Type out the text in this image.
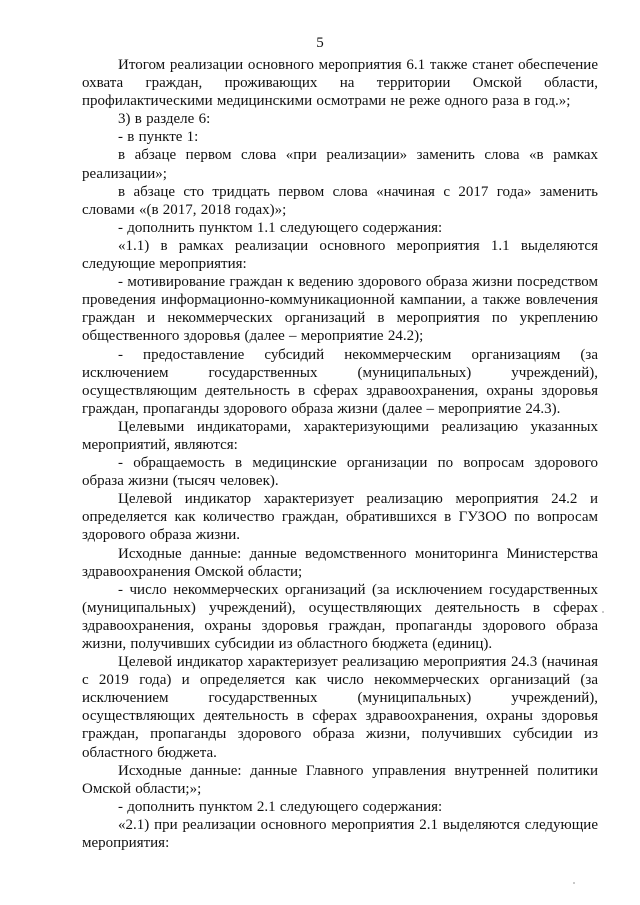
5

Итогом реализации основного мероприятия 6.1 также станет обеспечение охвата граждан, проживающих на территории Омской области, профилактическими медицинскими осмотрами не реже одного раза в год.»;

3) в разделе 6:

- в пункте 1:

в абзаце первом слова «при реализации» заменить слова «в рамках реализации»;

в абзаце сто тридцать первом слова «начиная с 2017 года» заменить словами «(в 2017, 2018 годах)»;

- дополнить пунктом 1.1 следующего содержания:

«1.1) в рамках реализации основного мероприятия 1.1 выделяются следующие мероприятия:

- мотивирование граждан к ведению здорового образа жизни посредством проведения информационно-коммуникационной кампании, а также вовлечения граждан и некоммерческих организаций в мероприятия по укреплению общественного здоровья (далее – мероприятие 24.2);

- предоставление субсидий некоммерческим организациям (за исключением государственных (муниципальных) учреждений), осуществляющим деятельность в сферах здравоохранения, охраны здоровья граждан, пропаганды здорового образа жизни (далее – мероприятие 24.3).

Целевыми индикаторами, характеризующими реализацию указанных мероприятий, являются:

- обращаемость в медицинские организации по вопросам здорового образа жизни (тысяч человек).

Целевой индикатор характеризует реализацию мероприятия 24.2 и определяется как количество граждан, обратившихся в ГУЗОО по вопросам здорового образа жизни.

Исходные данные: данные ведомственного мониторинга Министерства здравоохранения Омской области;

- число некоммерческих организаций (за исключением государственных (муниципальных) учреждений), осуществляющих деятельность в сферах здравоохранения, охраны здоровья граждан, пропаганды здорового образа жизни, получивших субсидии из областного бюджета (единиц).

Целевой индикатор характеризует реализацию мероприятия 24.3 (начиная с 2019 года) и определяется как число некоммерческих организаций (за исключением государственных (муниципальных) учреждений), осуществляющих деятельность в сферах здравоохранения, охраны здоровья граждан, пропаганды здорового образа жизни, получивших субсидии из областного бюджета.

Исходные данные: данные Главного управления внутренней политики Омской области;»;

- дополнить пунктом 2.1 следующего содержания:

«2.1) при реализации основного мероприятия 2.1 выделяются следующие мероприятия:
